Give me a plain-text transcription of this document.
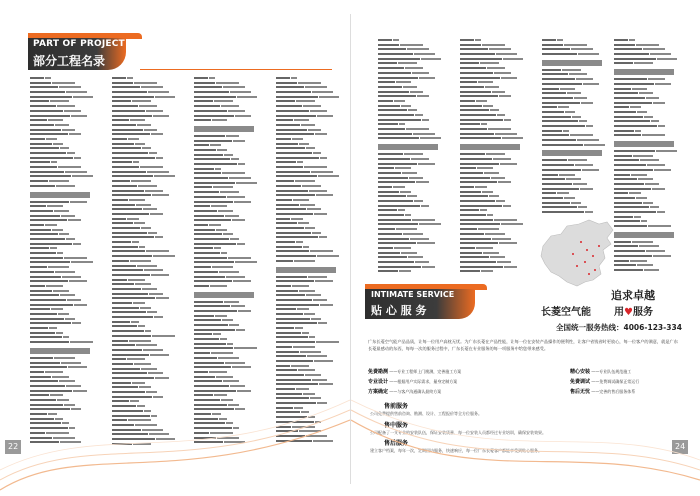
PART OF PROJECT
部分工程名录
22
INTIMATE SERVICE
贴 心 服 务
追求卓越
长菱空气能 用♥服务
全国统一服务热线：4006-123-334
广东长菱空气能产品品质，让每一位用户高枕无忧。为广东长菱在产品性能，让每一位在安装产品操作的便利性，让客户省钱省时更放心，每一位客户的满意，就是广东长菱最感动的东西，每每一次的服务过程中，广东长菱在专业服务的每一项服务中给您带来感受。
免费勘测 ——专业工程师上门勘测，完善施工方案
专业设计 ——根据用户实际需求，量身定制方案
方案确定 ——与客户沟通确认最终方案
精心安装 ——专业队伍规范施工
免费调试 ——免费调试确保正常运行
售后无忧 ——完善的售后服务体系
售前服务
公司免费提供售前咨询、勘测、设计、工程报价等全方位服务。
售中服务
公司配备了一支专业的安装队伍，保证安装质量，每一位安装人员都经过专业培训，确保安装效果。
售后服务
建立客户档案，每年一次，定期回访服务，快速响应，每一位广东长菱客户都能享受到贴心服务。	24
